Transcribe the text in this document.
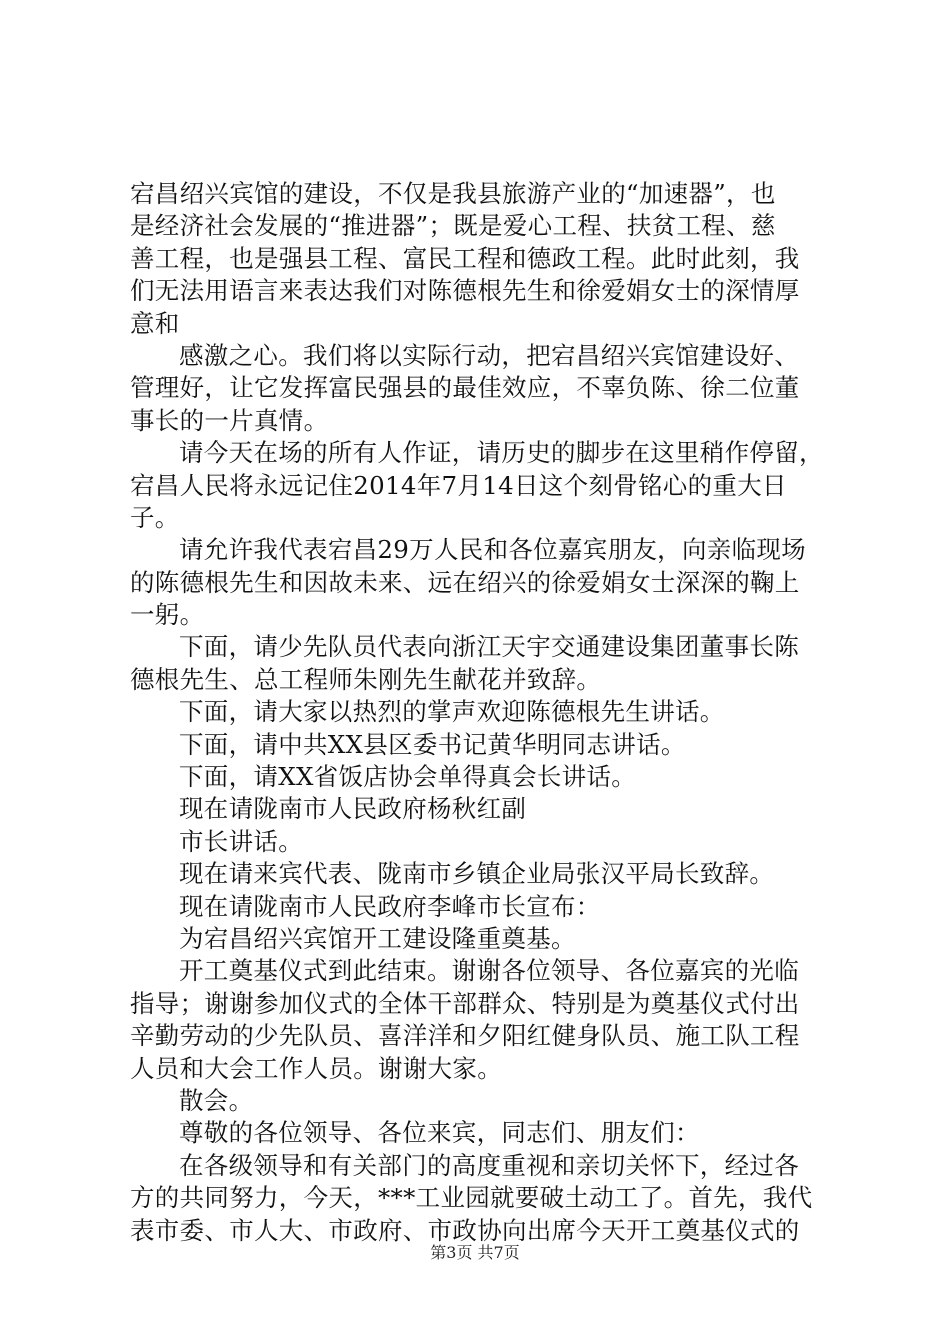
宕昌绍兴宾馆的建设，不仅是我县旅游产业的“加速器”，也
是经济社会发展的“推进器”；既是爱心工程、扶贫工程、慈
善工程，也是强县工程、富民工程和德政工程。此时此刻，我
们无法用语言来表达我们对陈德根先生和徐爱娟女士的深情厚
意和
感激之心。我们将以实际行动，把宕昌绍兴宾馆建设好、
管理好，让它发挥富民强县的最佳效应，不辜负陈、徐二位董
事长的一片真情。
请今天在场的所有人作证，请历史的脚步在这里稍作停留，
宕昌人民将永远记住2014年7月14日这个刻骨铭心的重大日
子。
请允许我代表宕昌29万人民和各位嘉宾朋友，向亲临现场
的陈德根先生和因故未来、远在绍兴的徐爱娟女士深深的鞠上
一躬。
下面，请少先队员代表向浙江天宇交通建设集团董事长陈
德根先生、总工程师朱刚先生献花并致辞。
下面，请大家以热烈的掌声欢迎陈德根先生讲话。
下面，请中共XX县区委书记黄华明同志讲话。
下面，请XX省饭店协会单得真会长讲话。
现在请陇南市人民政府杨秋红副
市长讲话。
现在请来宾代表、陇南市乡镇企业局张汉平局长致辞。
现在请陇南市人民政府李峰市长宣布：
为宕昌绍兴宾馆开工建设隆重奠基。
开工奠基仪式到此结束。谢谢各位领导、各位嘉宾的光临
指导；谢谢参加仪式的全体干部群众、特别是为奠基仪式付出
辛勤劳动的少先队员、喜洋洋和夕阳红健身队员、施工队工程
人员和大会工作人员。谢谢大家。
散会。
尊敬的各位领导、各位来宾，同志们、朋友们：
在各级领导和有关部门的高度重视和亲切关怀下，经过各
方的共同努力，今天，***工业园就要破土动工了。首先，我代
表市委、市人大、市政府、市政协向出席今天开工奠基仪式的
第3页 共7页
